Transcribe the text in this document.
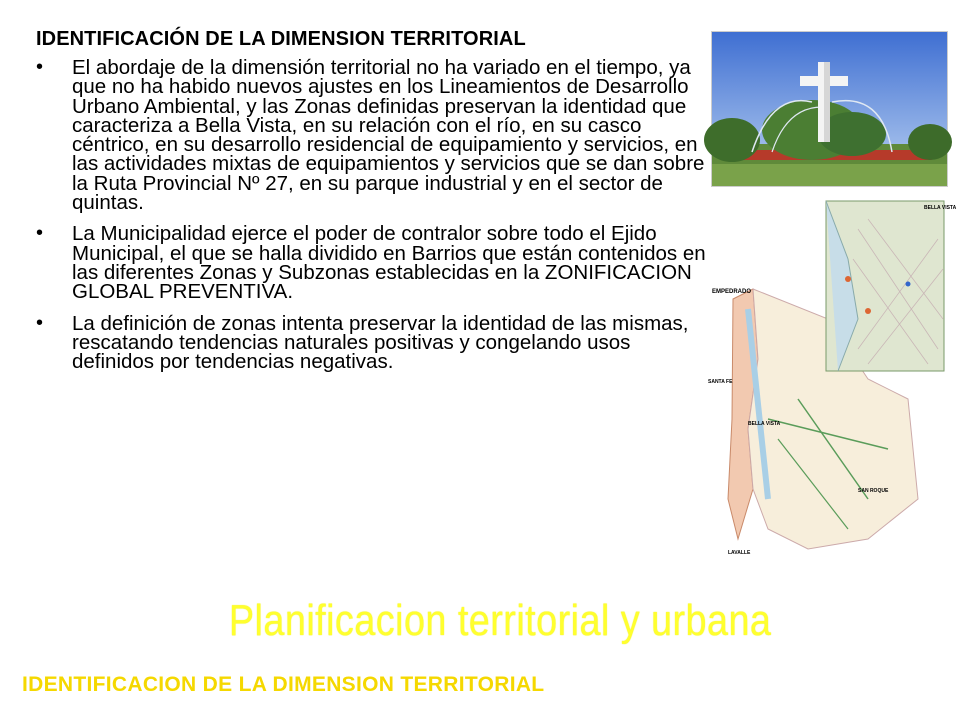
IDENTIFICACIÓN DE LA DIMENSION TERRITORIAL
• El abordaje de la dimensión territorial no ha variado en el tiempo, ya que no ha habido nuevos ajustes en los Lineamientos de Desarrollo Urbano Ambiental, y las Zonas definidas preservan la identidad que caracteriza a Bella Vista, en su relación con el río, en su casco céntrico, en su desarrollo residencial de equipamiento y servicios, en las actividades mixtas de equipamientos y servicios que se dan sobre la Ruta Provincial Nº 27, en su parque industrial y en el sector de quintas.
• La Municipalidad ejerce el poder de contralor sobre todo el Ejido Municipal, el que se halla dividido en Barrios que están contenidos en las diferentes Zonas y Subzonas establecidas en la ZONIFICACION GLOBAL PREVENTIVA.
• La definición de zonas intenta preservar la identidad de las mismas, rescatando tendencias naturales positivas y congelando usos definidos por tendencias negativas.
BELLA VISTA
EMPEDRADO
SANTA FE
BELLA VISTA
SAN ROQUE
LAVALLE
Planificacion territorial y urbana
IDENTIFICACION DE LA DIMENSION TERRITORIAL
